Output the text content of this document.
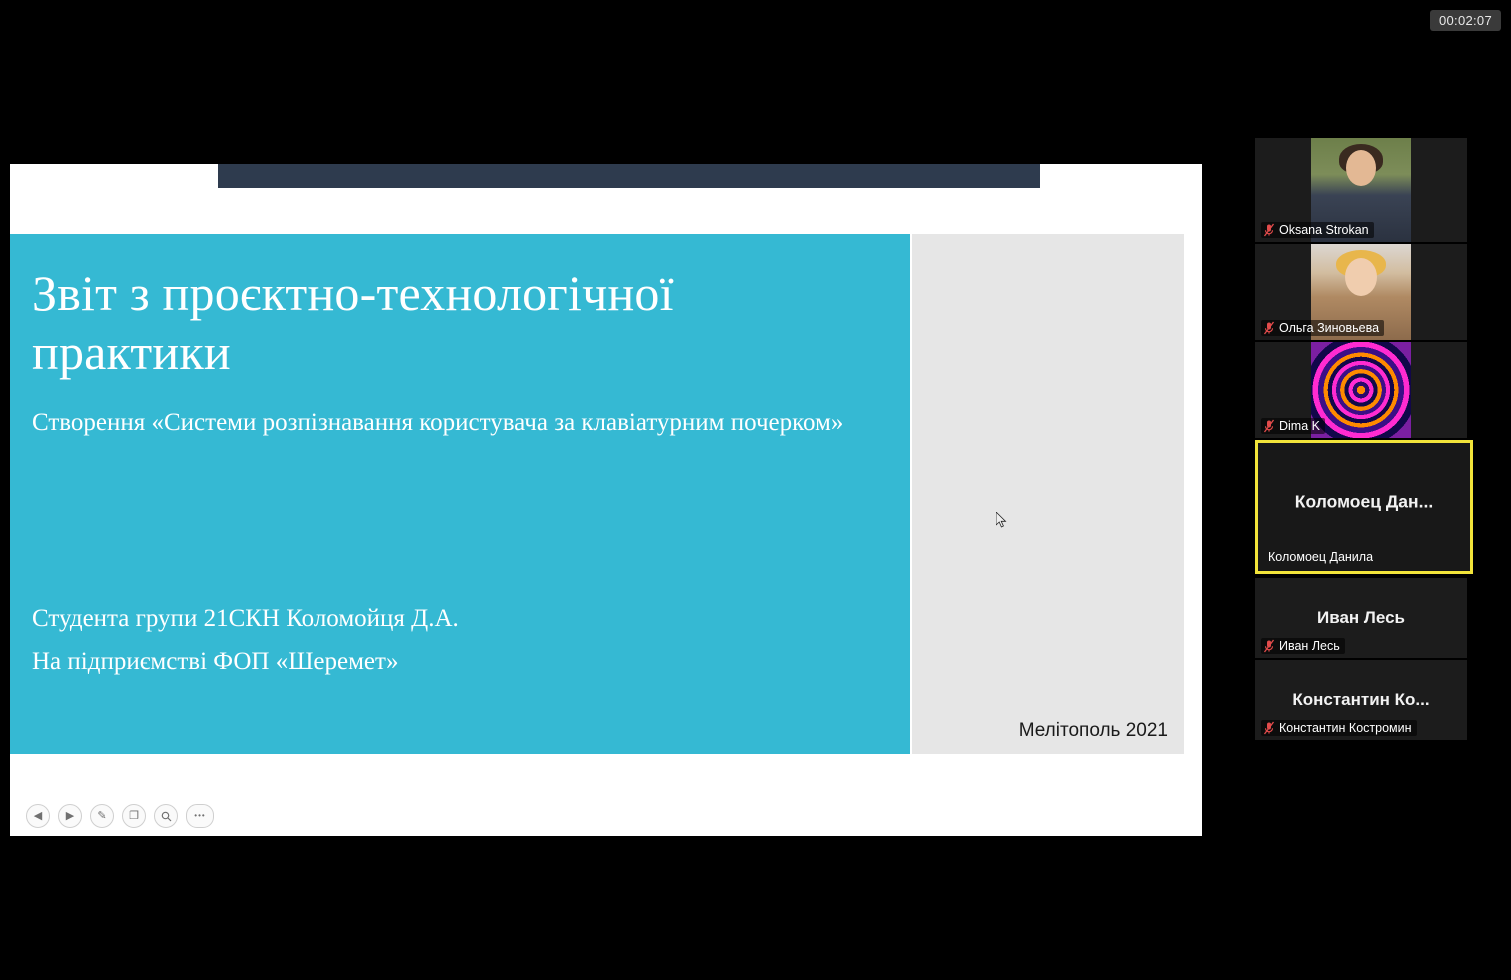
00:02:07
Звіт з проєктно-технологічної практики
Створення «Системи розпізнавання користувача за клавіатурним почерком»
Студента групи 21СКН Коломойця Д.А.
На підприємстві ФОП «Шеремет»
Мелітополь 2021
◀	▶	✎	❐	•••
Oksana Strokan
Ольга Зиновьева
Dima K
Коломоец Дан...
Коломоец Данила
Иван Лесь
Иван Лесь
Константин Ко...
Константин Костромин
